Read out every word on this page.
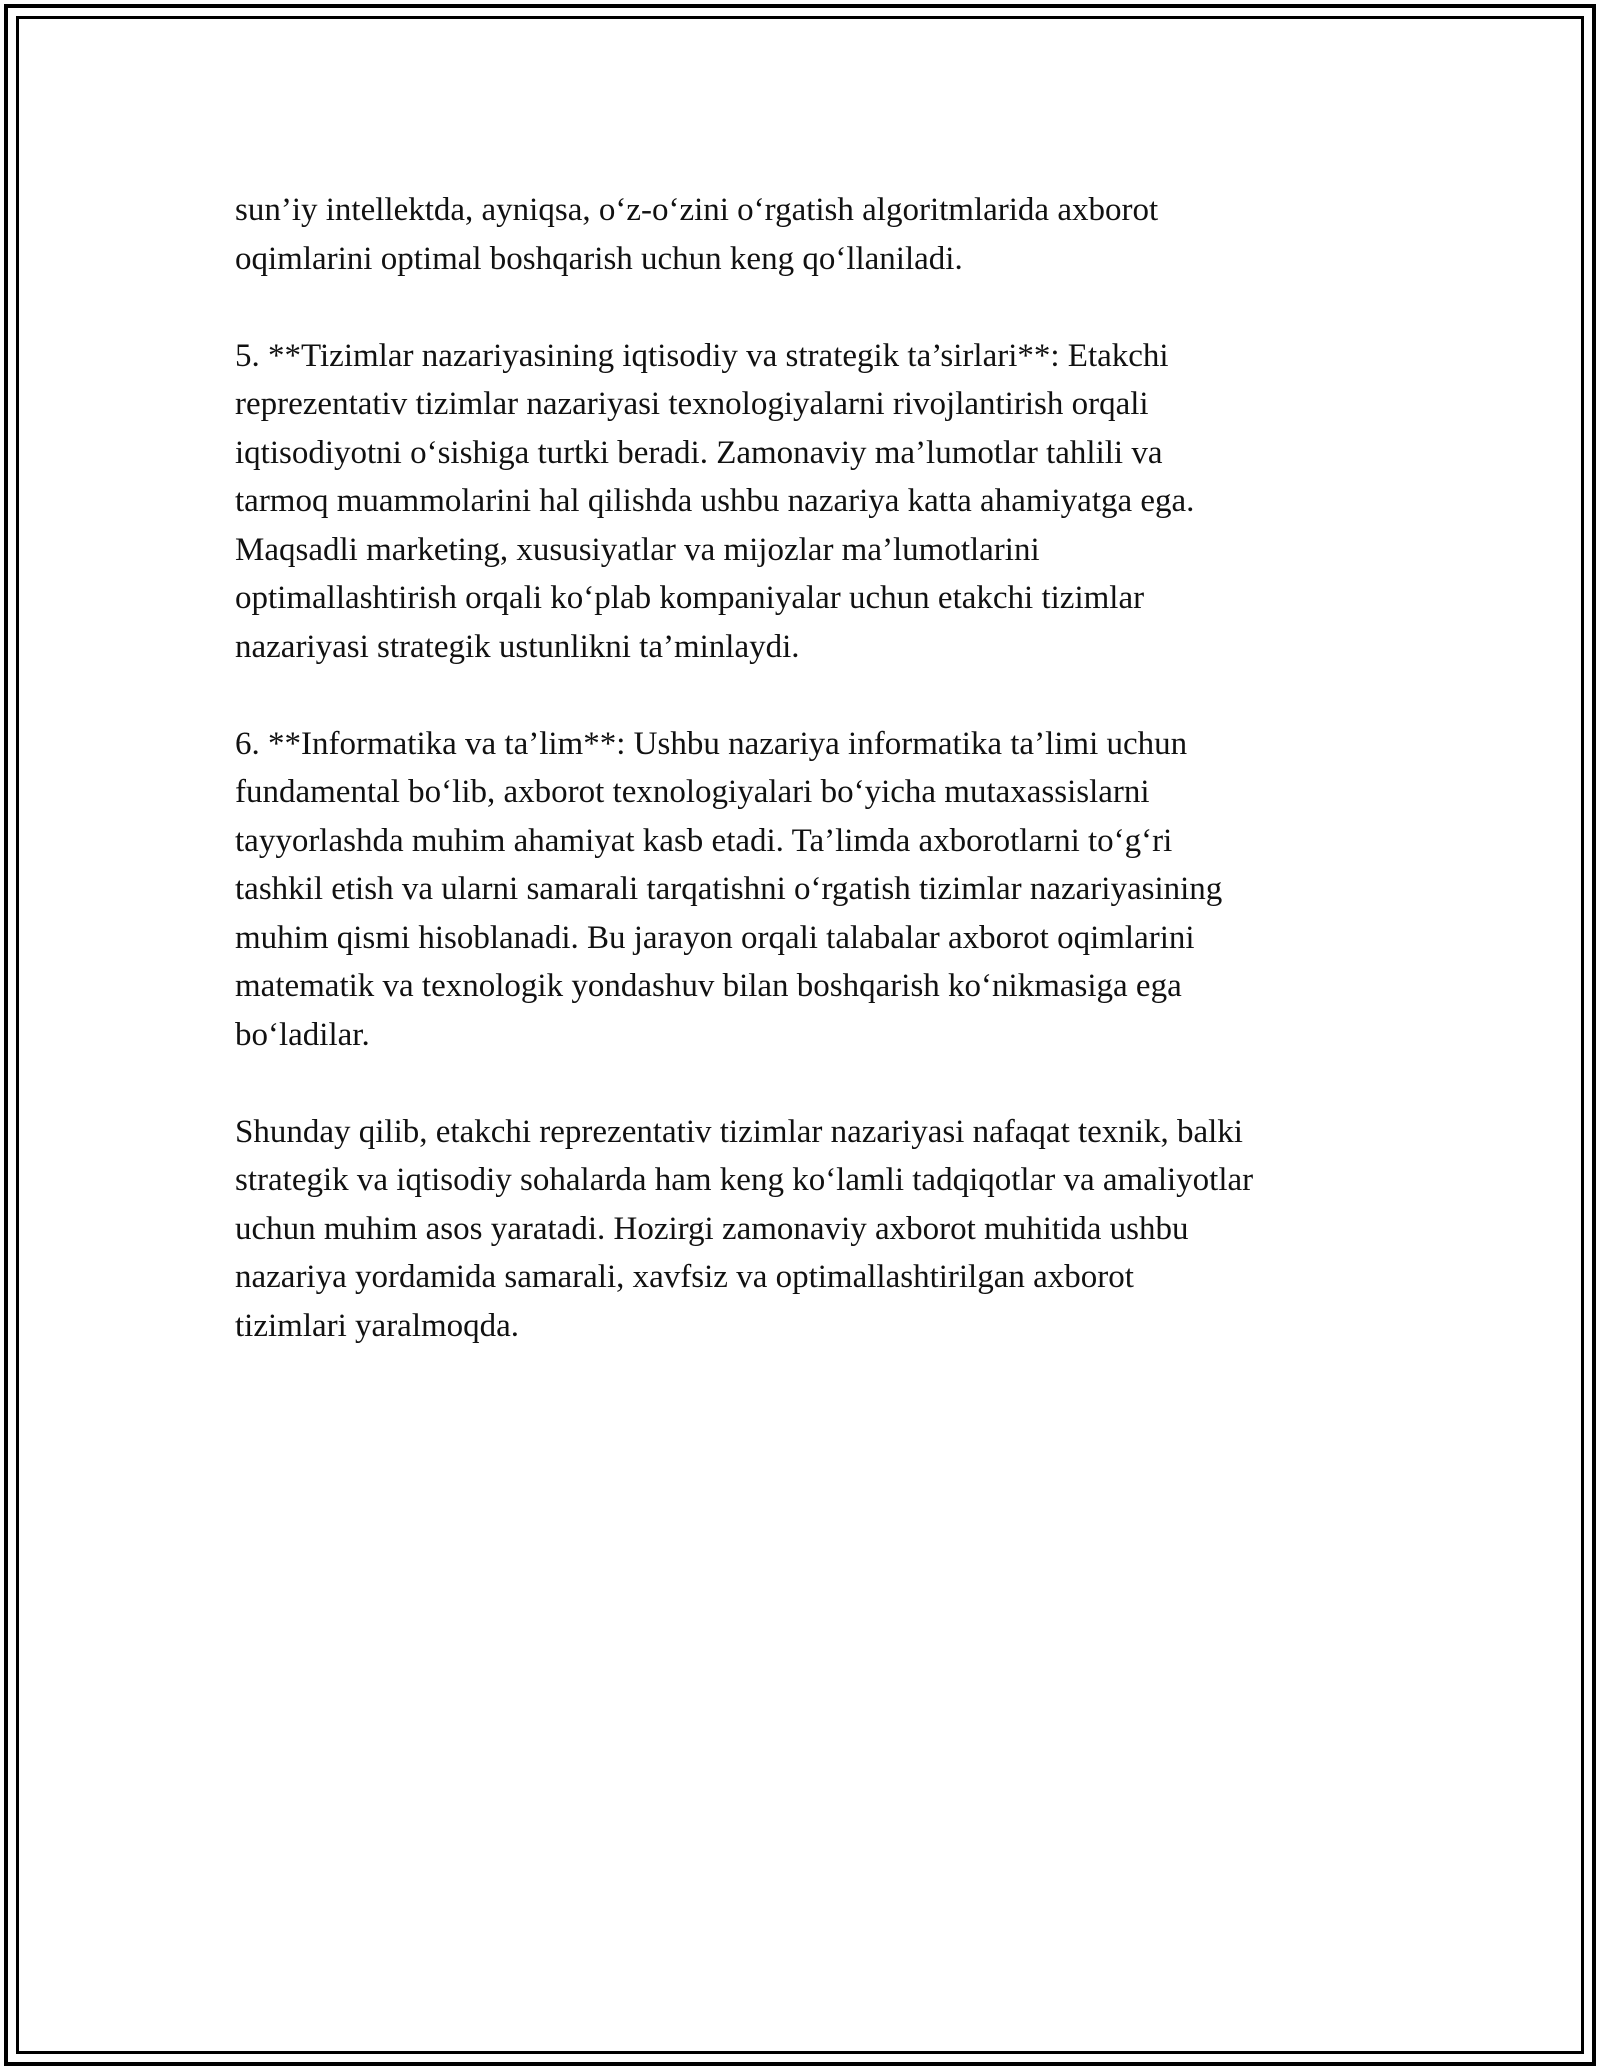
sun’iy intellektda, ayniqsa, o‘z-o‘zini o‘rgatish algoritmlarida axborot
oqimlarini optimal boshqarish uchun keng qo‘llaniladi.

5. **Tizimlar nazariyasining iqtisodiy va strategik ta’sirlari**: Etakchi
reprezentativ tizimlar nazariyasi texnologiyalarni rivojlantirish orqali
iqtisodiyotni o‘sishiga turtki beradi. Zamonaviy ma’lumotlar tahlili va
tarmoq muammolarini hal qilishda ushbu nazariya katta ahamiyatga ega.
Maqsadli marketing, xususiyatlar va mijozlar ma’lumotlarini
optimallashtirish orqali ko‘plab kompaniyalar uchun etakchi tizimlar
nazariyasi strategik ustunlikni ta’minlaydi.

6. **Informatika va ta’lim**: Ushbu nazariya informatika ta’limi uchun
fundamental bo‘lib, axborot texnologiyalari bo‘yicha mutaxassislarni
tayyorlashda muhim ahamiyat kasb etadi. Ta’limda axborotlarni to‘g‘ri
tashkil etish va ularni samarali tarqatishni o‘rgatish tizimlar nazariyasining
muhim qismi hisoblanadi. Bu jarayon orqali talabalar axborot oqimlarini
matematik va texnologik yondashuv bilan boshqarish ko‘nikmasiga ega
bo‘ladilar.

Shunday qilib, etakchi reprezentativ tizimlar nazariyasi nafaqat texnik, balki
strategik va iqtisodiy sohalarda ham keng ko‘lamli tadqiqotlar va amaliyotlar
uchun muhim asos yaratadi. Hozirgi zamonaviy axborot muhitida ushbu
nazariya yordamida samarali, xavfsiz va optimallashtirilgan axborot
tizimlari yaralmoqda.
